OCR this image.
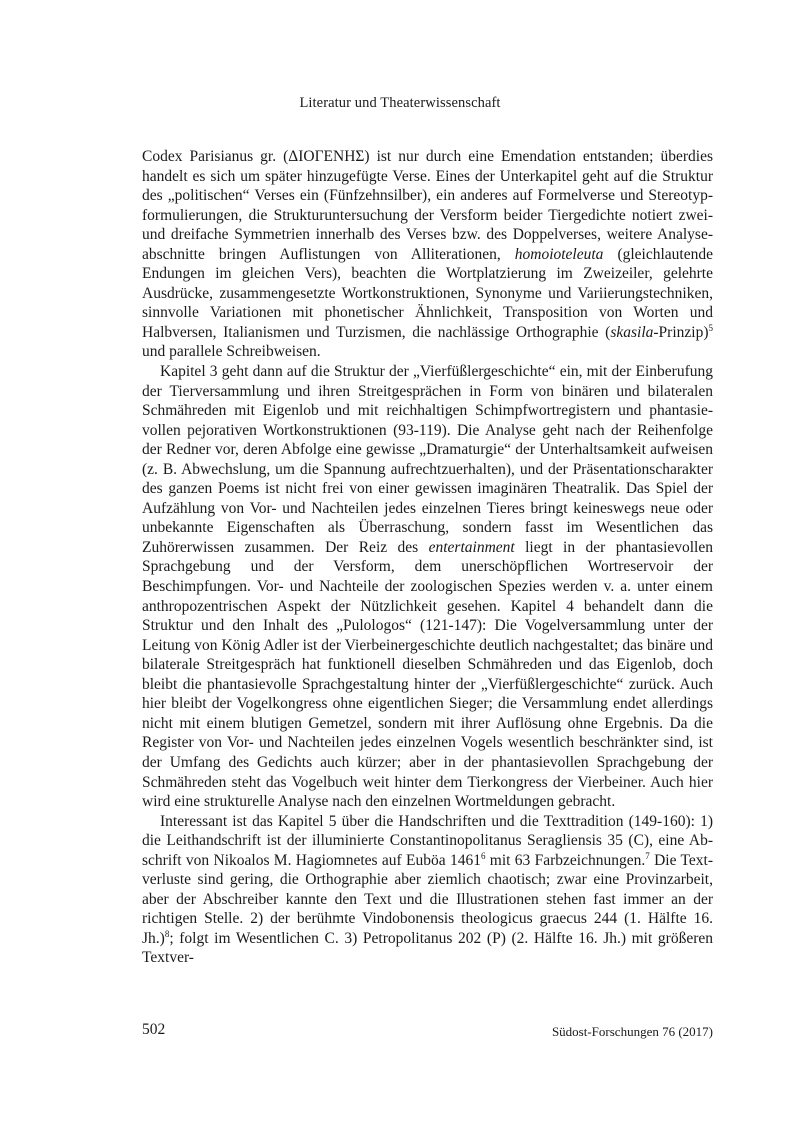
Literatur und Theaterwissenschaft

Codex Parisianus gr. (ΔΙΟΓΕΝΗΣ) ist nur durch eine Emendation entstanden; überdies handelt es sich um später hinzugefügte Verse. Eines der Unterkapitel geht auf die Struktur des „politischen“ Verses ein (Fünfzehnsilber), ein anderes auf Formelverse und Stereotypformulierungen, die Strukturuntersuchung der Versform beider Tiergedichte notiert zwei- und dreifache Symmetrien innerhalb des Verses bzw. des Doppelverses, weitere Analyseabschnitte bringen Auflistungen von Alliterationen, homoioteleuta (gleichlautende Endungen im gleichen Vers), beachten die Wortplatzierung im Zweizeiler, gelehrte Ausdrücke, zusammengesetzte Wortkonstruktionen, Synonyme und Variierungstechniken, sinnvolle Variationen mit phonetischer Ähnlichkeit, Transposition von Worten und Halbversen, Italianismen und Turzismen, die nachlässige Orthographie (skasila-Prinzip)$^5$ und parallele Schreibweisen.

Kapitel 3 geht dann auf die Struktur der „Vierfüßlergeschichte“ ein, mit der Einberufung der Tierversammlung und ihren Streitgesprächen in Form von binären und bilateralen Schmähreden mit Eigenlob und mit reichhaltigen Schimpfwortregistern und phantasievollen pejorativen Wortkonstruktionen (93-119). Die Analyse geht nach der Reihenfolge der Redner vor, deren Abfolge eine gewisse „Dramaturgie“ der Unterhaltsamkeit aufweisen (z. B. Abwechslung, um die Spannung aufrechtzuerhalten), und der Präsentationscharakter des ganzen Poems ist nicht frei von einer gewissen imaginären Theatralik. Das Spiel der Aufzählung von Vor- und Nachteilen jedes einzelnen Tieres bringt keineswegs neue oder unbekannte Eigenschaften als Überraschung, sondern fasst im Wesentlichen das Zuhörerwissen zusammen. Der Reiz des entertainment liegt in der phantasievollen Sprachgebung und der Versform, dem unerschöpflichen Wortreservoir der Beschimpfungen. Vor- und Nachteile der zoologischen Spezies werden v. a. unter einem anthropozentrischen Aspekt der Nützlichkeit gesehen. Kapitel 4 behandelt dann die Struktur und den Inhalt des „Pulologos“ (121-147): Die Vogelversammlung unter der Leitung von König Adler ist der Vierbeinergeschichte deutlich nachgestaltet; das binäre und bilaterale Streitgespräch hat funktionell dieselben Schmähreden und das Eigenlob, doch bleibt die phantasievolle Sprachgestaltung hinter der „Vierfüßlergeschichte“ zurück. Auch hier bleibt der Vogelkongress ohne eigentlichen Sieger; die Versammlung endet allerdings nicht mit einem blutigen Gemetzel, sondern mit ihrer Auflösung ohne Ergebnis. Da die Register von Vor- und Nachteilen jedes einzelnen Vogels wesentlich beschränkter sind, ist der Umfang des Gedichts auch kürzer; aber in der phantasievollen Sprachgebung der Schmähreden steht das Vogelbuch weit hinter dem Tierkongress der Vierbeiner. Auch hier wird eine strukturelle Analyse nach den einzelnen Wortmeldungen gebracht.

Interessant ist das Kapitel 5 über die Handschriften und die Texttradition (149-160): 1) die Leithandschrift ist der illuminierte Constantinopolitanus Seragliensis 35 (C), eine Abschrift von Nikoalos M. Hagiomnetes auf Euböa 1461$^6$ mit 63 Farbzeichnungen.$^7$ Die Textverluste sind gering, die Orthographie aber ziemlich chaotisch; zwar eine Provinzarbeit, aber der Abschreiber kannte den Text und die Illustrationen stehen fast immer an der richtigen Stelle. 2) der berühmte Vindobonensis theologicus graecus 244 (1. Hälfte 16. Jh.)$^8$; folgt im Wesentlichen C. 3) Petropolitanus 202 (P) (2. Hälfte 16. Jh.) mit größeren Textver-

502	Südost-Forschungen 76 (2017)
